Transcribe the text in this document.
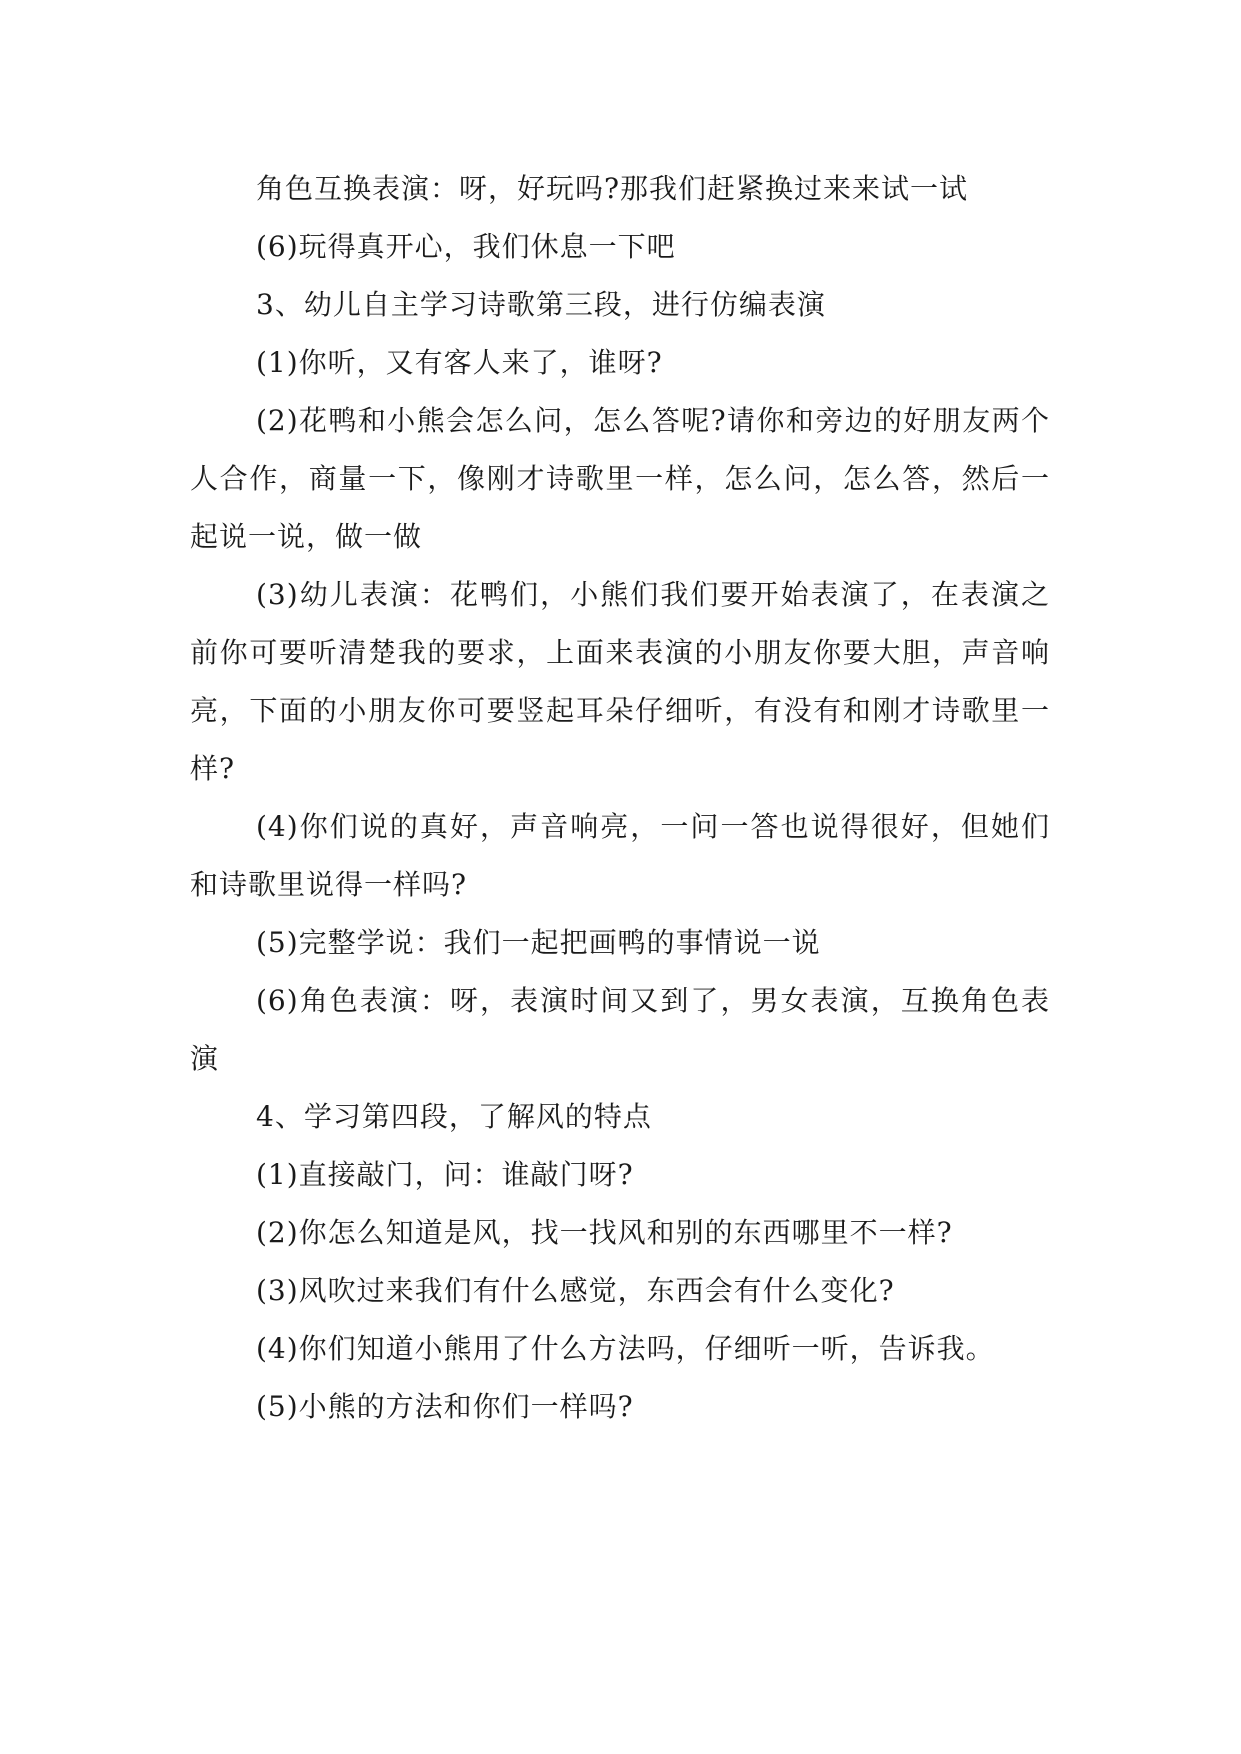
角色互换表演：呀，好玩吗?那我们赶紧换过来来试一试

(6)玩得真开心，我们休息一下吧

3、幼儿自主学习诗歌第三段，进行仿编表演

(1)你听，又有客人来了，谁呀?

(2)花鸭和小熊会怎么问，怎么答呢?请你和旁边的好朋友两个人合作，商量一下，像刚才诗歌里一样，怎么问，怎么答，然后一起说一说，做一做

(3)幼儿表演：花鸭们，小熊们我们要开始表演了，在表演之前你可要听清楚我的要求，上面来表演的小朋友你要大胆，声音响亮，下面的小朋友你可要竖起耳朵仔细听，有没有和刚才诗歌里一样?

(4)你们说的真好，声音响亮，一问一答也说得很好，但她们和诗歌里说得一样吗?

(5)完整学说：我们一起把画鸭的事情说一说

(6)角色表演：呀，表演时间又到了，男女表演，互换角色表演

4、学习第四段，了解风的特点

(1)直接敲门，问：谁敲门呀?

(2)你怎么知道是风，找一找风和别的东西哪里不一样?

(3)风吹过来我们有什么感觉，东西会有什么变化?

(4)你们知道小熊用了什么方法吗，仔细听一听，告诉我。

(5)小熊的方法和你们一样吗?
